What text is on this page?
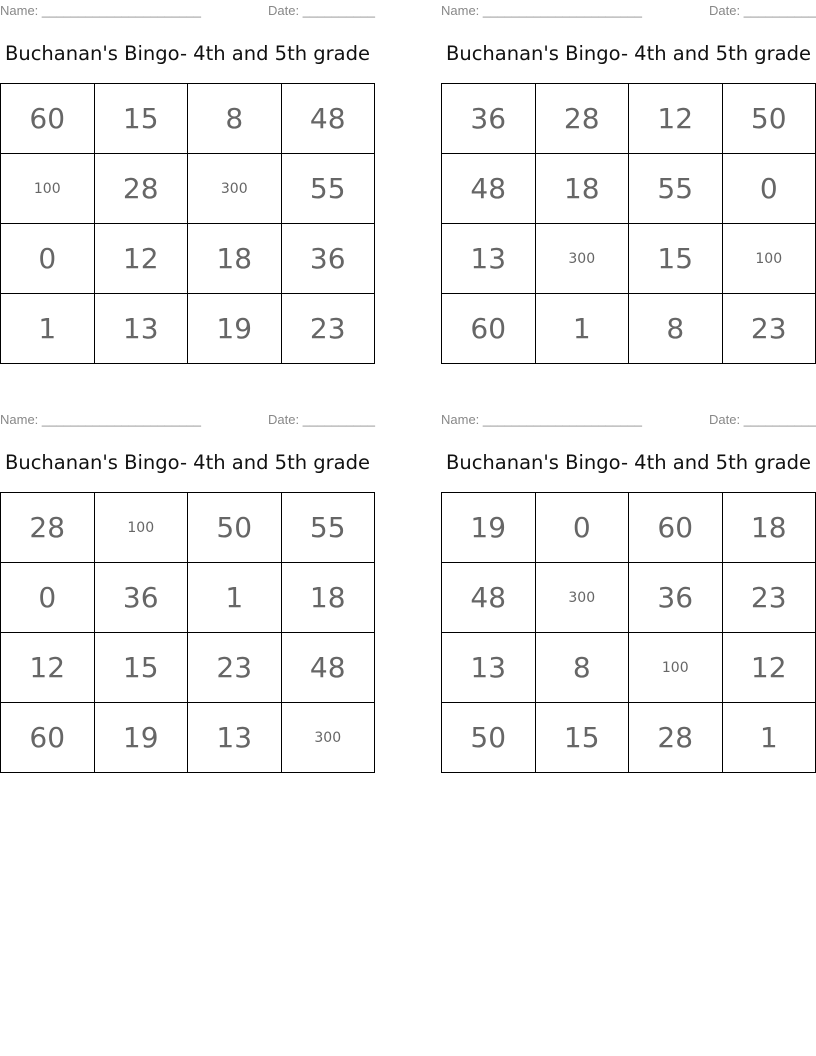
Name: ______________________	Date: __________
Buchanan's Bingo- 4th and 5th grade
60	15	8	48
100	28	300	55
0	12	18	36
1	13	19	23
Name: ______________________	Date: __________
Buchanan's Bingo- 4th and 5th grade
36	28	12	50
48	18	55	0
13	300	15	100
60	1	8	23
Name: ______________________	Date: __________
Buchanan's Bingo- 4th and 5th grade
28	100	50	55
0	36	1	18
12	15	23	48
60	19	13	300
Name: ______________________	Date: __________
Buchanan's Bingo- 4th and 5th grade
19	0	60	18
48	300	36	23
13	8	100	12
50	15	28	1
